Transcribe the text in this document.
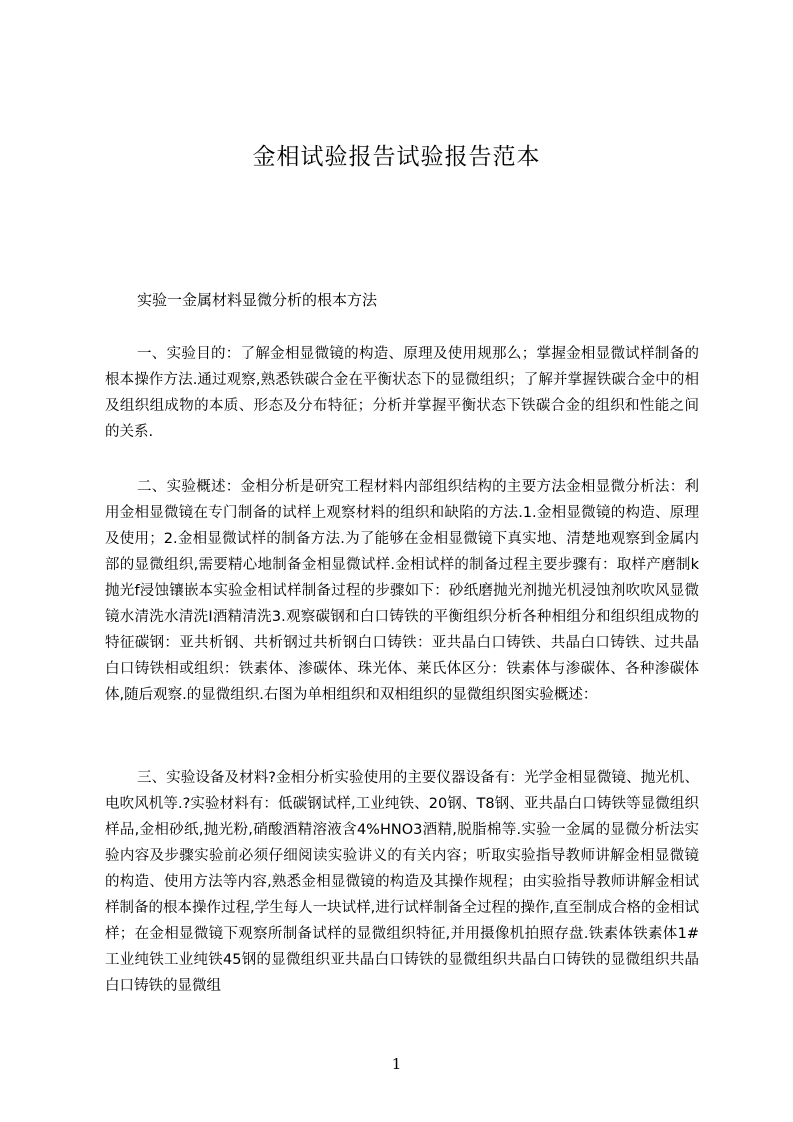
金相试验报告试验报告范本
实验一金属材料显微分析的根本方法

一、实验目的：了解金相显微镜的构造、原理及使用规那么；掌握金相显微试样制备的根本操作方法.通过观察,熟悉铁碳合金在平衡状态下的显微组织；了解并掌握铁碳合金中的相及组织组成物的本质、形态及分布特征；分析并掌握平衡状态下铁碳合金的组织和性能之间的关系.

二、实验概述：金相分析是研究工程材料内部组织结构的主要方法金相显微分析法：利用金相显微镜在专门制备的试样上观察材料的组织和缺陷的方法.1.金相显微镜的构造、原理及使用；2.金相显微试样的制备方法.为了能够在金相显微镜下真实地、清楚地观察到金属内部的显微组织,需要精心地制备金相显微试样.金相试样的制备过程主要步骤有：取样产磨制k抛光f浸蚀镶嵌本实验金相试样制备过程的步骤如下：砂纸磨抛光剂抛光机浸蚀剂吹吹风显微镜水清洗水清洗Ⅰ酒精清洗3.观察碳钢和白口铸铁的平衡组织分析各种相组分和组织组成物的特征碳钢：亚共析钢、共析钢过共析钢白口铸铁：亚共晶白口铸铁、共晶白口铸铁、过共晶白口铸铁相或组织：铁素体、渗碳体、珠光体、莱氏体区分：铁素体与渗碳体、各种渗碳体体,随后观察.的显微组织.右图为单相组织和双相组织的显微组织图实验概述：

三、实验设备及材料?金相分析实验使用的主要仪器设备有：光学金相显微镜、抛光机、电吹风机等.?实验材料有：低碳钢试样,工业纯铁、20钢、T8钢、亚共晶白口铸铁等显微组织样品,金相砂纸,抛光粉,硝酸酒精溶液含4%HNO3酒精,脱脂棉等.实验一金属的显微分析法实验内容及步骤实验前必须仔细阅读实验讲义的有关内容；听取实验指导教师讲解金相显微镜的构造、使用方法等内容,熟悉金相显微镜的构造及其操作规程；由实验指导教师讲解金相试样制备的根本操作过程,学生每人一块试样,进行试样制备全过程的操作,直至制成合格的金相试样；在金相显微镜下观察所制备试样的显微组织特征,并用摄像机拍照存盘.铁素体铁素体1#工业纯铁工业纯铁45钢的显微组织亚共晶白口铸铁的显微组织共晶白口铸铁的显微组织共晶白口铸铁的显微组

1
